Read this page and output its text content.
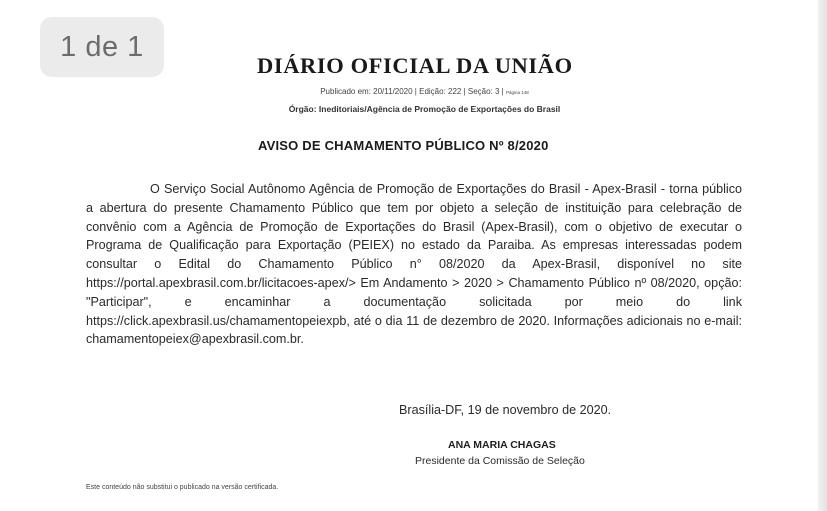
1 de 1
DIÁRIO OFICIAL DA UNIÃO
Publicado em: 20/11/2020 | Edição: 222 | Seção: 3 | Página 148
Órgão: Ineditoriais/Agência de Promoção de Exportações do Brasil
AVISO DE CHAMAMENTO PÚBLICO Nº 8/2020

O Serviço Social Autônomo Agência de Promoção de Exportações do Brasil - Apex-Brasil - torna público a abertura do presente Chamamento Público que tem por objeto a seleção de instituição para celebração de convênio com a Agência de Promoção de Exportações do Brasil (Apex-Brasil), com o objetivo de executar o Programa de Qualificação para Exportação (PEIEX) no estado da Paraiba. As empresas interessadas podem consultar o Edital do Chamamento Público n° 08/2020 da Apex-Brasil, disponível no site https://portal.apexbrasil.com.br/licitacoes-apex/> Em Andamento > 2020 > Chamamento Público nº 08/2020, opção: "Participar", e encaminhar a documentação solicitada por meio do link https://click.apexbrasil.us/chamamentopeiexpb, até o dia 11 de dezembro de 2020. Informações adicionais no e-mail: chamamentopeiex@apexbrasil.com.br.

Brasília-DF, 19 de novembro de 2020.
ANA MARIA CHAGAS
Presidente da Comissão de Seleção
Este conteúdo não substitui o publicado na versão certificada.
